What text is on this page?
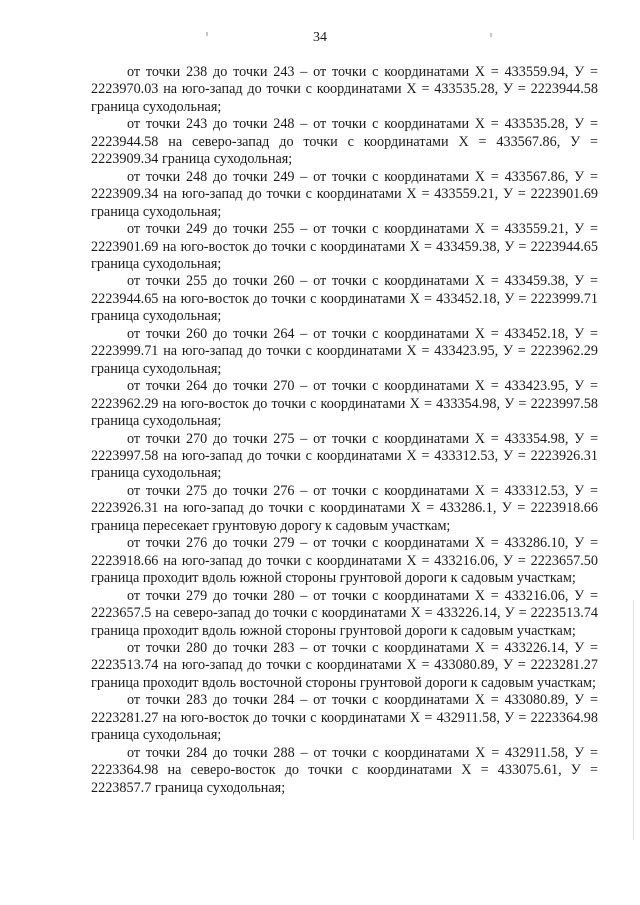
34

от точки 238 до точки 243 – от точки с координатами Х = 433559.94, У = 2223970.03 на юго-запад до точки с координатами Х = 433535.28, У = 2223944.58 граница суходольная;

от точки 243 до точки 248 – от точки с координатами Х = 433535.28, У = 2223944.58 на северо-запад до точки с координатами Х = 433567.86, У = 2223909.34 граница суходольная;

от точки 248 до точки 249 – от точки с координатами Х = 433567.86, У = 2223909.34 на юго-запад до точки с координатами Х = 433559.21, У = 2223901.69 граница суходольная;

от точки 249 до точки 255 – от точки с координатами Х = 433559.21, У = 2223901.69 на юго-восток до точки с координатами Х = 433459.38, У = 2223944.65 граница суходольная;

от точки 255 до точки 260 – от точки с координатами Х = 433459.38, У = 2223944.65 на юго-восток до точки с координатами Х = 433452.18, У = 2223999.71 граница суходольная;

от точки 260 до точки 264 – от точки с координатами Х = 433452.18, У = 2223999.71 на юго-запад до точки с координатами Х = 433423.95, У = 2223962.29 граница суходольная;

от точки 264 до точки 270 – от точки с координатами Х = 433423.95, У = 2223962.29 на юго-восток до точки с координатами Х = 433354.98, У = 2223997.58 граница суходольная;

от точки 270 до точки 275 – от точки с координатами Х = 433354.98, У = 2223997.58 на юго-запад до точки с координатами Х = 433312.53, У = 2223926.31 граница суходольная;

от точки 275 до точки 276 – от точки с координатами Х = 433312.53, У = 2223926.31 на юго-запад до точки с координатами Х = 433286.1, У = 2223918.66 граница пересекает грунтовую дорогу к садовым участкам;

от точки 276 до точки 279 – от точки с координатами Х = 433286.10, У = 2223918.66 на юго-запад до точки с координатами Х = 433216.06, У = 2223657.50 граница проходит вдоль южной стороны грунтовой дороги к садовым участкам;

от точки 279 до точки 280 – от точки с координатами Х = 433216.06, У = 2223657.5 на северо-запад до точки с координатами Х = 433226.14, У = 2223513.74 граница проходит вдоль южной стороны грунтовой дороги к садовым участкам;

от точки 280 до точки 283 – от точки с координатами Х = 433226.14, У = 2223513.74 на юго-запад до точки с координатами Х = 433080.89, У = 2223281.27 граница проходит вдоль восточной стороны грунтовой дороги к садовым участкам;

от точки 283 до точки 284 – от точки с координатами Х = 433080.89, У = 2223281.27 на юго-восток до точки с координатами Х = 432911.58, У = 2223364.98 граница суходольная;

от точки 284 до точки 288 – от точки с координатами Х = 432911.58, У = 2223364.98 на северо-восток до точки с координатами Х = 433075.61, У = 2223857.7 граница суходольная;
